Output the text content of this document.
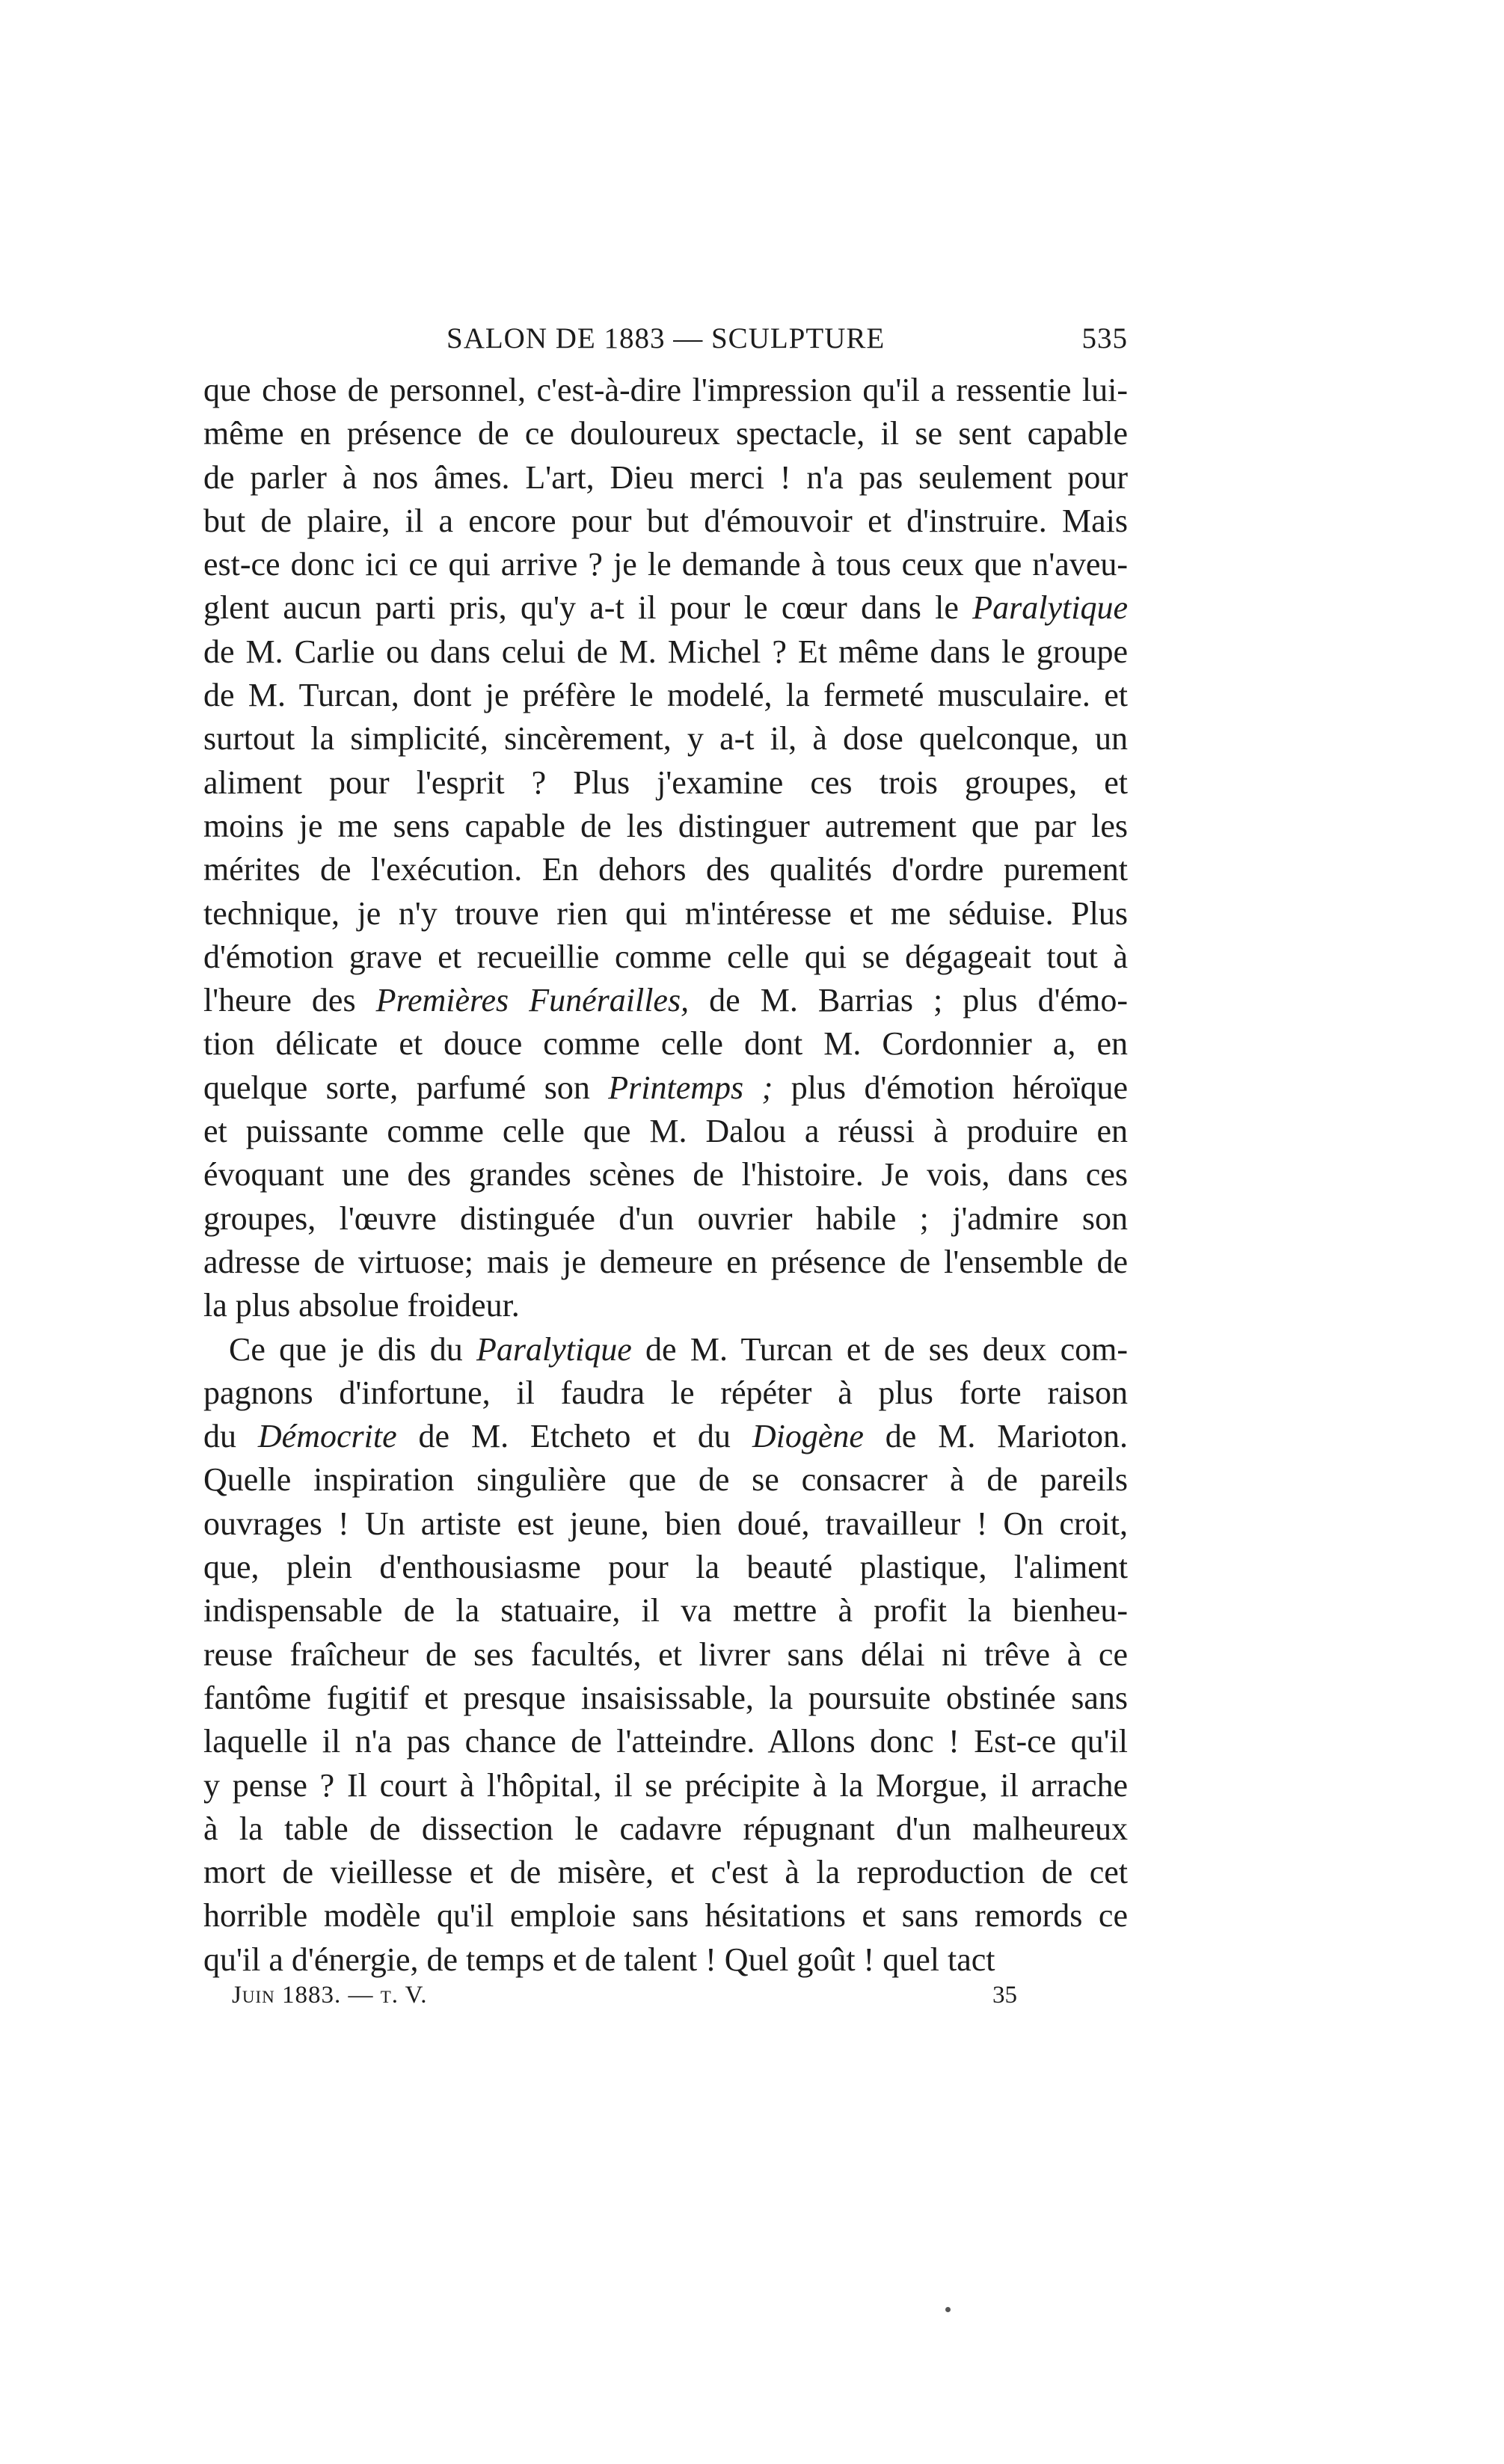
SALON DE 1883 — SCULPTURE	535
que chose de personnel, c'est-à-dire l'impression qu'il a ressentie lui-
même en présence de ce douloureux spectacle, il se sent capable
de parler à nos âmes. L'art, Dieu merci ! n'a pas seulement pour
but de plaire, il a encore pour but d'émouvoir et d'instruire. Mais
est-ce donc ici ce qui arrive ? je le demande à tous ceux que n'aveu-
glent aucun parti pris, qu'y a-t il pour le cœur dans le Paralytique
de M. Carlie ou dans celui de M. Michel ? Et même dans le groupe
de M. Turcan, dont je préfère le modelé, la fermeté musculaire. et
surtout la simplicité, sincèrement, y a-t il, à dose quelconque, un
aliment pour l'esprit ? Plus j'examine ces trois groupes, et
moins je me sens capable de les distinguer autrement que par les
mérites de l'exécution. En dehors des qualités d'ordre purement
technique, je n'y trouve rien qui m'intéresse et me séduise. Plus
d'émotion grave et recueillie comme celle qui se dégageait tout à
l'heure des Premières Funérailles, de M. Barrias ; plus d'émo-
tion délicate et douce comme celle dont M. Cordonnier a, en
quelque sorte, parfumé son Printemps ; plus d'émotion héroïque
et puissante comme celle que M. Dalou a réussi à produire en
évoquant une des grandes scènes de l'histoire. Je vois, dans ces
groupes, l'œuvre distinguée d'un ouvrier habile ; j'admire son
adresse de virtuose; mais je demeure en présence de l'ensemble de
la plus absolue froideur.
Ce que je dis du Paralytique de M. Turcan et de ses deux com-
pagnons d'infortune, il faudra le répéter à plus forte raison
du Démocrite de M. Etcheto et du Diogène de M. Marioton.
Quelle inspiration singulière que de se consacrer à de pareils
ouvrages ! Un artiste est jeune, bien doué, travailleur ! On croit,
que, plein d'enthousiasme pour la beauté plastique, l'aliment
indispensable de la statuaire, il va mettre à profit la bienheu-
reuse fraîcheur de ses facultés, et livrer sans délai ni trêve à ce
fantôme fugitif et presque insaisissable, la poursuite obstinée sans
laquelle il n'a pas chance de l'atteindre. Allons donc ! Est-ce qu'il
y pense ? Il court à l'hôpital, il se précipite à la Morgue, il arrache
à la table de dissection le cadavre répugnant d'un malheureux
mort de vieillesse et de misère, et c'est à la reproduction de cet
horrible modèle qu'il emploie sans hésitations et sans remords ce
qu'il a d'énergie, de temps et de talent ! Quel goût ! quel tact
Juin 1883. — t. V.	35
